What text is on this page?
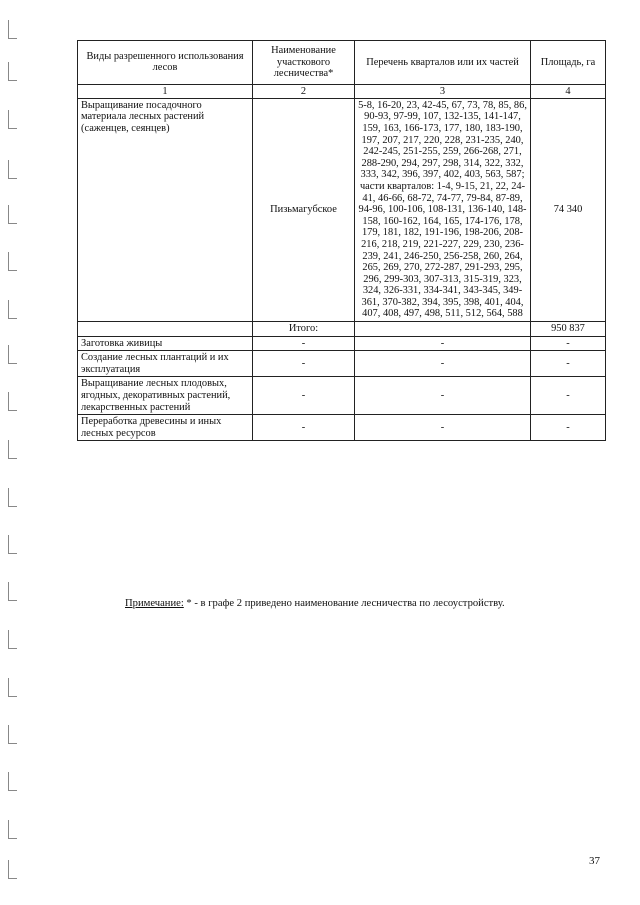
Виды разрешенного использования лесов	Наименование участкового лесничества*	Перечень кварталов или их частей	Площадь, га
1	2	3	4
Выращивание посадочного материала лесных растений (саженцев, сеянцев)	Пизьмагубское	5-8, 16-20, 23, 42-45, 67, 73, 78, 85, 86, 90-93, 97-99, 107, 132-135, 141-147, 159, 163, 166-173, 177, 180, 183-190, 197, 207, 217, 220, 228, 231-235, 240, 242-245, 251-255, 259, 266-268, 271, 288-290, 294, 297, 298, 314, 322, 332, 333, 342, 396, 397, 402, 403, 563, 587; части кварталов: 1-4, 9-15, 21, 22, 24-41, 46-66, 68-72, 74-77, 79-84, 87-89, 94-96, 100-106, 108-131, 136-140, 148-158, 160-162, 164, 165, 174-176, 178, 179, 181, 182, 191-196, 198-206, 208-216, 218, 219, 221-227, 229, 230, 236-239, 241, 246-250, 256-258, 260, 264, 265, 269, 270, 272-287, 291-293, 295, 296, 299-303, 307-313, 315-319, 323, 324, 326-331, 334-341, 343-345, 349-361, 370-382, 394, 395, 398, 401, 404, 407, 408, 497, 498, 511, 512, 564, 588	74 340
	Итого:		950 837
Заготовка живицы	-	-	-
Создание лесных плантаций и их эксплуатация	-	-	-
Выращивание лесных плодовых, ягодных, декоративных растений, лекарственных растений	-	-	-
Переработка древесины и иных лесных ресурсов	-	-	-
Примечание: * - в графе 2 приведено наименование лесничества по лесоустройству.
37
